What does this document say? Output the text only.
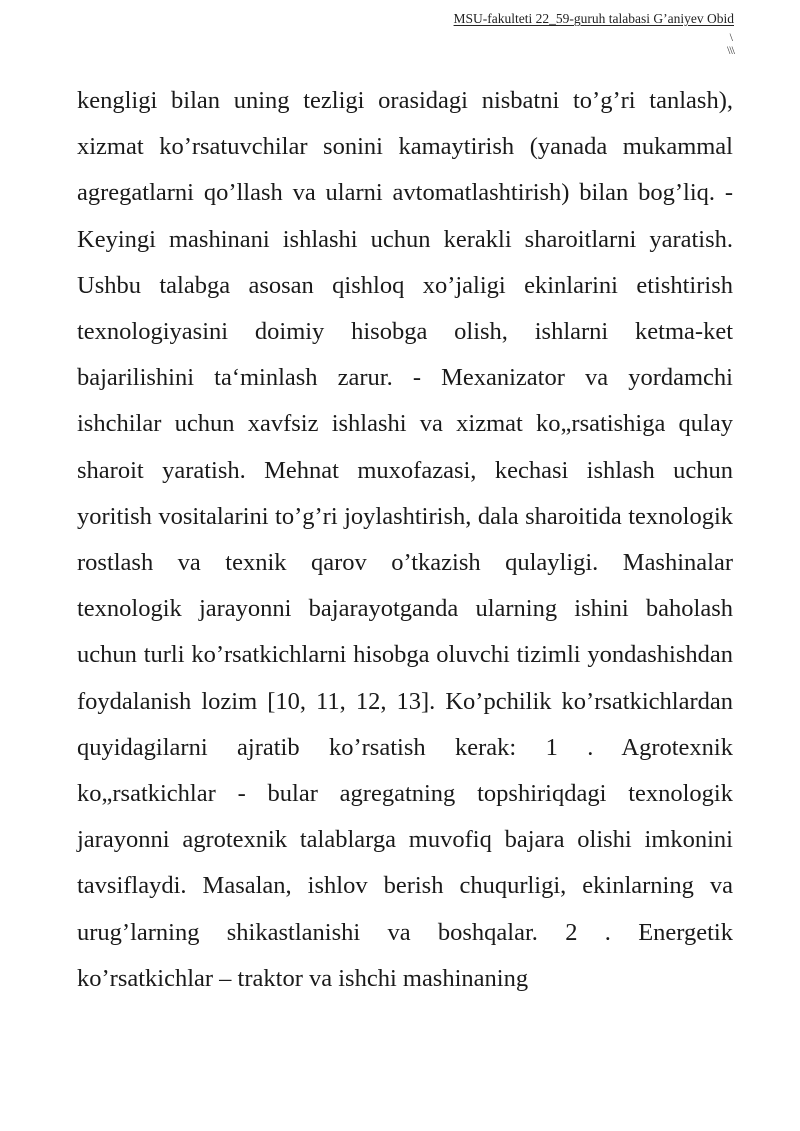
MSU-fakulteti 22_59-guruh talabasi G’aniyev Obid
\
\\\

kengligi bilan uning tezligi orasidagi nisbatni to’g’ri tanlash), xizmat ko’rsatuvchilar sonini kamaytirish (yanada mukammal agregatlarni qo’llash va ularni avtomatlashtirish) bilan bog’liq. - Keyingi mashinani ishlashi uchun kerakli sharoitlarni yaratish. Ushbu talabga asosan qishloq xo’jaligi ekinlarini etishtirish texnologiyasini doimiy hisobga olish, ishlarni ketma-ket bajarilishini ta‘minlash zarur. - Mexanizator va yordamchi ishchilar uchun xavfsiz ishlashi va xizmat ko„rsatishiga qulay sharoit yaratish. Mehnat muxofazasi, kechasi ishlash uchun yoritish vositalarini to’g’ri joylashtirish, dala sharoitida texnologik rostlash va texnik qarov o’tkazish qulayligi. Mashinalar texnologik jarayonni bajarayotganda ularning ishini baholash uchun turli ko’rsatkichlarni hisobga oluvchi tizimli yondashishdan foydalanish lozim [10, 11, 12, 13]. Ko’pchilik ko’rsatkichlardan quyidagilarni ajratib ko’rsatish kerak: 1 . Agrotexnik ko„rsatkichlar - bular agregatning topshiriqdagi texnologik jarayonni agrotexnik talablarga muvofiq bajara olishi imkonini tavsiflaydi. Masalan, ishlov berish chuqurligi, ekinlarning va urug’larning shikastlanishi va boshqalar. 2 . Energetik ko’rsatkichlar – traktor va ishchi mashinaning
